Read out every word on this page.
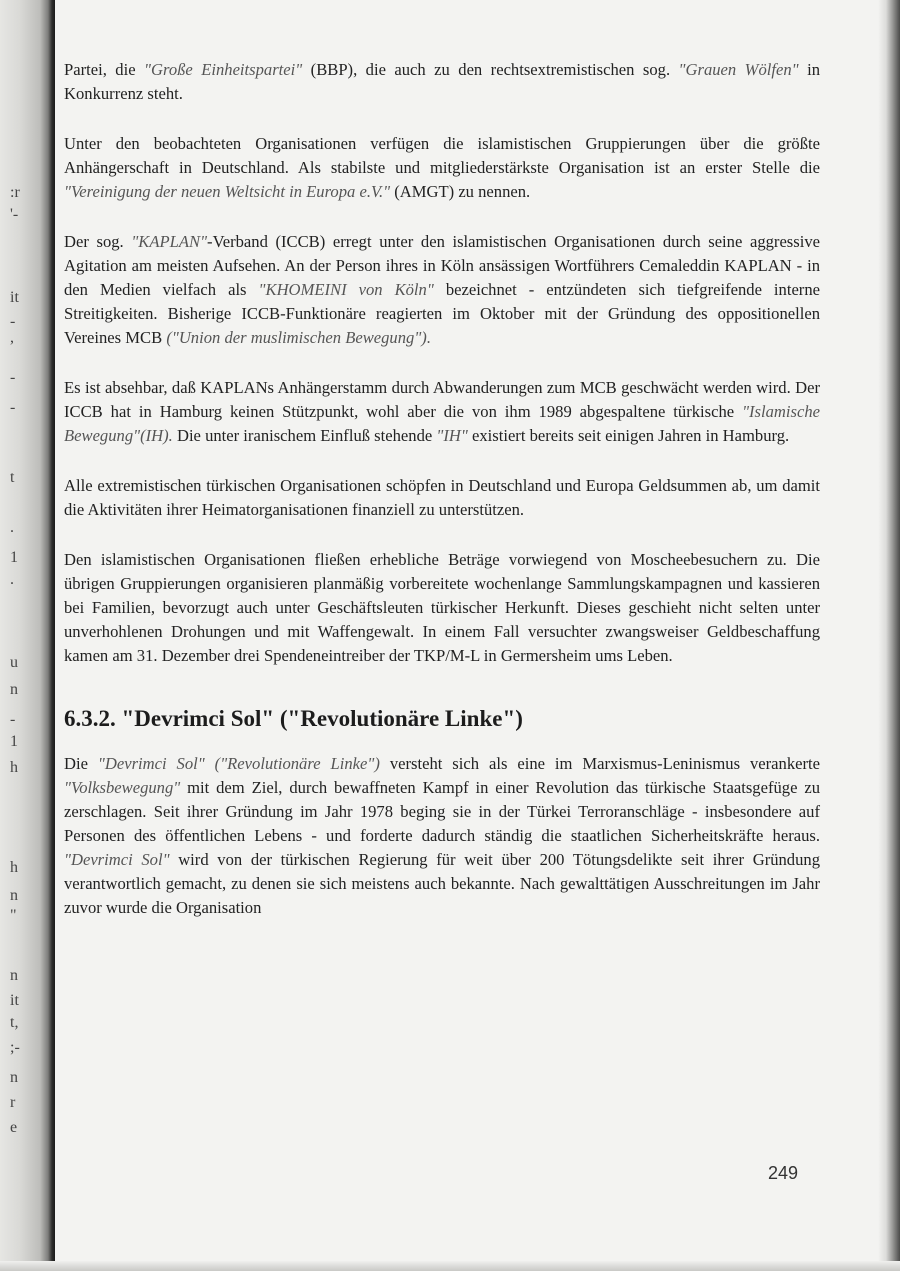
:r
'-
it
-
,
-
-
t
.
1
.
u
n
-
1
h
h
n
"
n
it
t,
;-
n
r
e

Partei, die "Große Einheitspartei" (BBP), die auch zu den rechtsextremistischen sog. "Grauen Wölfen" in Konkurrenz steht.

Unter den beobachteten Organisationen verfügen die islamistischen Gruppierungen über die größte Anhängerschaft in Deutschland. Als stabilste und mitgliederstärkste Organisation ist an erster Stelle die "Vereinigung der neuen Weltsicht in Europa e.V." (AMGT) zu nennen.

Der sog. "KAPLAN"-Verband (ICCB) erregt unter den islamistischen Organisationen durch seine aggressive Agitation am meisten Aufsehen. An der Person ihres in Köln ansässigen Wortführers Cemaleddin KAPLAN - in den Medien vielfach als "KHOMEINI von Köln" bezeichnet - entzündeten sich tiefgreifende interne Streitigkeiten. Bisherige ICCB-Funktionäre reagierten im Oktober mit der Gründung des oppositionellen Vereines MCB ("Union der muslimischen Bewegung").

Es ist absehbar, daß KAPLANs Anhängerstamm durch Abwanderungen zum MCB geschwächt werden wird. Der ICCB hat in Hamburg keinen Stützpunkt, wohl aber die von ihm 1989 abgespaltene türkische "Islamische Bewegung"(IH). Die unter iranischem Einfluß stehende "IH" existiert bereits seit einigen Jahren in Hamburg.

Alle extremistischen türkischen Organisationen schöpfen in Deutschland und Europa Geldsummen ab, um damit die Aktivitäten ihrer Heimatorganisationen finanziell zu unterstützen.

Den islamistischen Organisationen fließen erhebliche Beträge vorwiegend von Moscheebesuchern zu. Die übrigen Gruppierungen organisieren planmäßig vorbereitete wochenlange Sammlungskampagnen und kassieren bei Familien, bevorzugt auch unter Geschäftsleuten türkischer Herkunft. Dieses geschieht nicht selten unter unverhohlenen Drohungen und mit Waffengewalt. In einem Fall versuchter zwangsweiser Geldbeschaffung kamen am 31. Dezember drei Spendeneintreiber der TKP/M-L in Germersheim ums Leben.

6.3.2. "Devrimci Sol" ("Revolutionäre Linke")

Die "Devrimci Sol" ("Revolutionäre Linke") versteht sich als eine im Marxismus-Leninismus verankerte "Volksbewegung" mit dem Ziel, durch bewaffneten Kampf in einer Revolution das türkische Staatsgefüge zu zerschlagen. Seit ihrer Gründung im Jahr 1978 beging sie in der Türkei Terroranschläge - insbesondere auf Personen des öffentlichen Lebens - und forderte dadurch ständig die staatlichen Sicherheitskräfte heraus. "Devrimci Sol" wird von der türkischen Regierung für weit über 200 Tötungsdelikte seit ihrer Gründung verantwortlich gemacht, zu denen sie sich meistens auch bekannte. Nach gewalttätigen Ausschreitungen im Jahr zuvor wurde die Organisation

249
